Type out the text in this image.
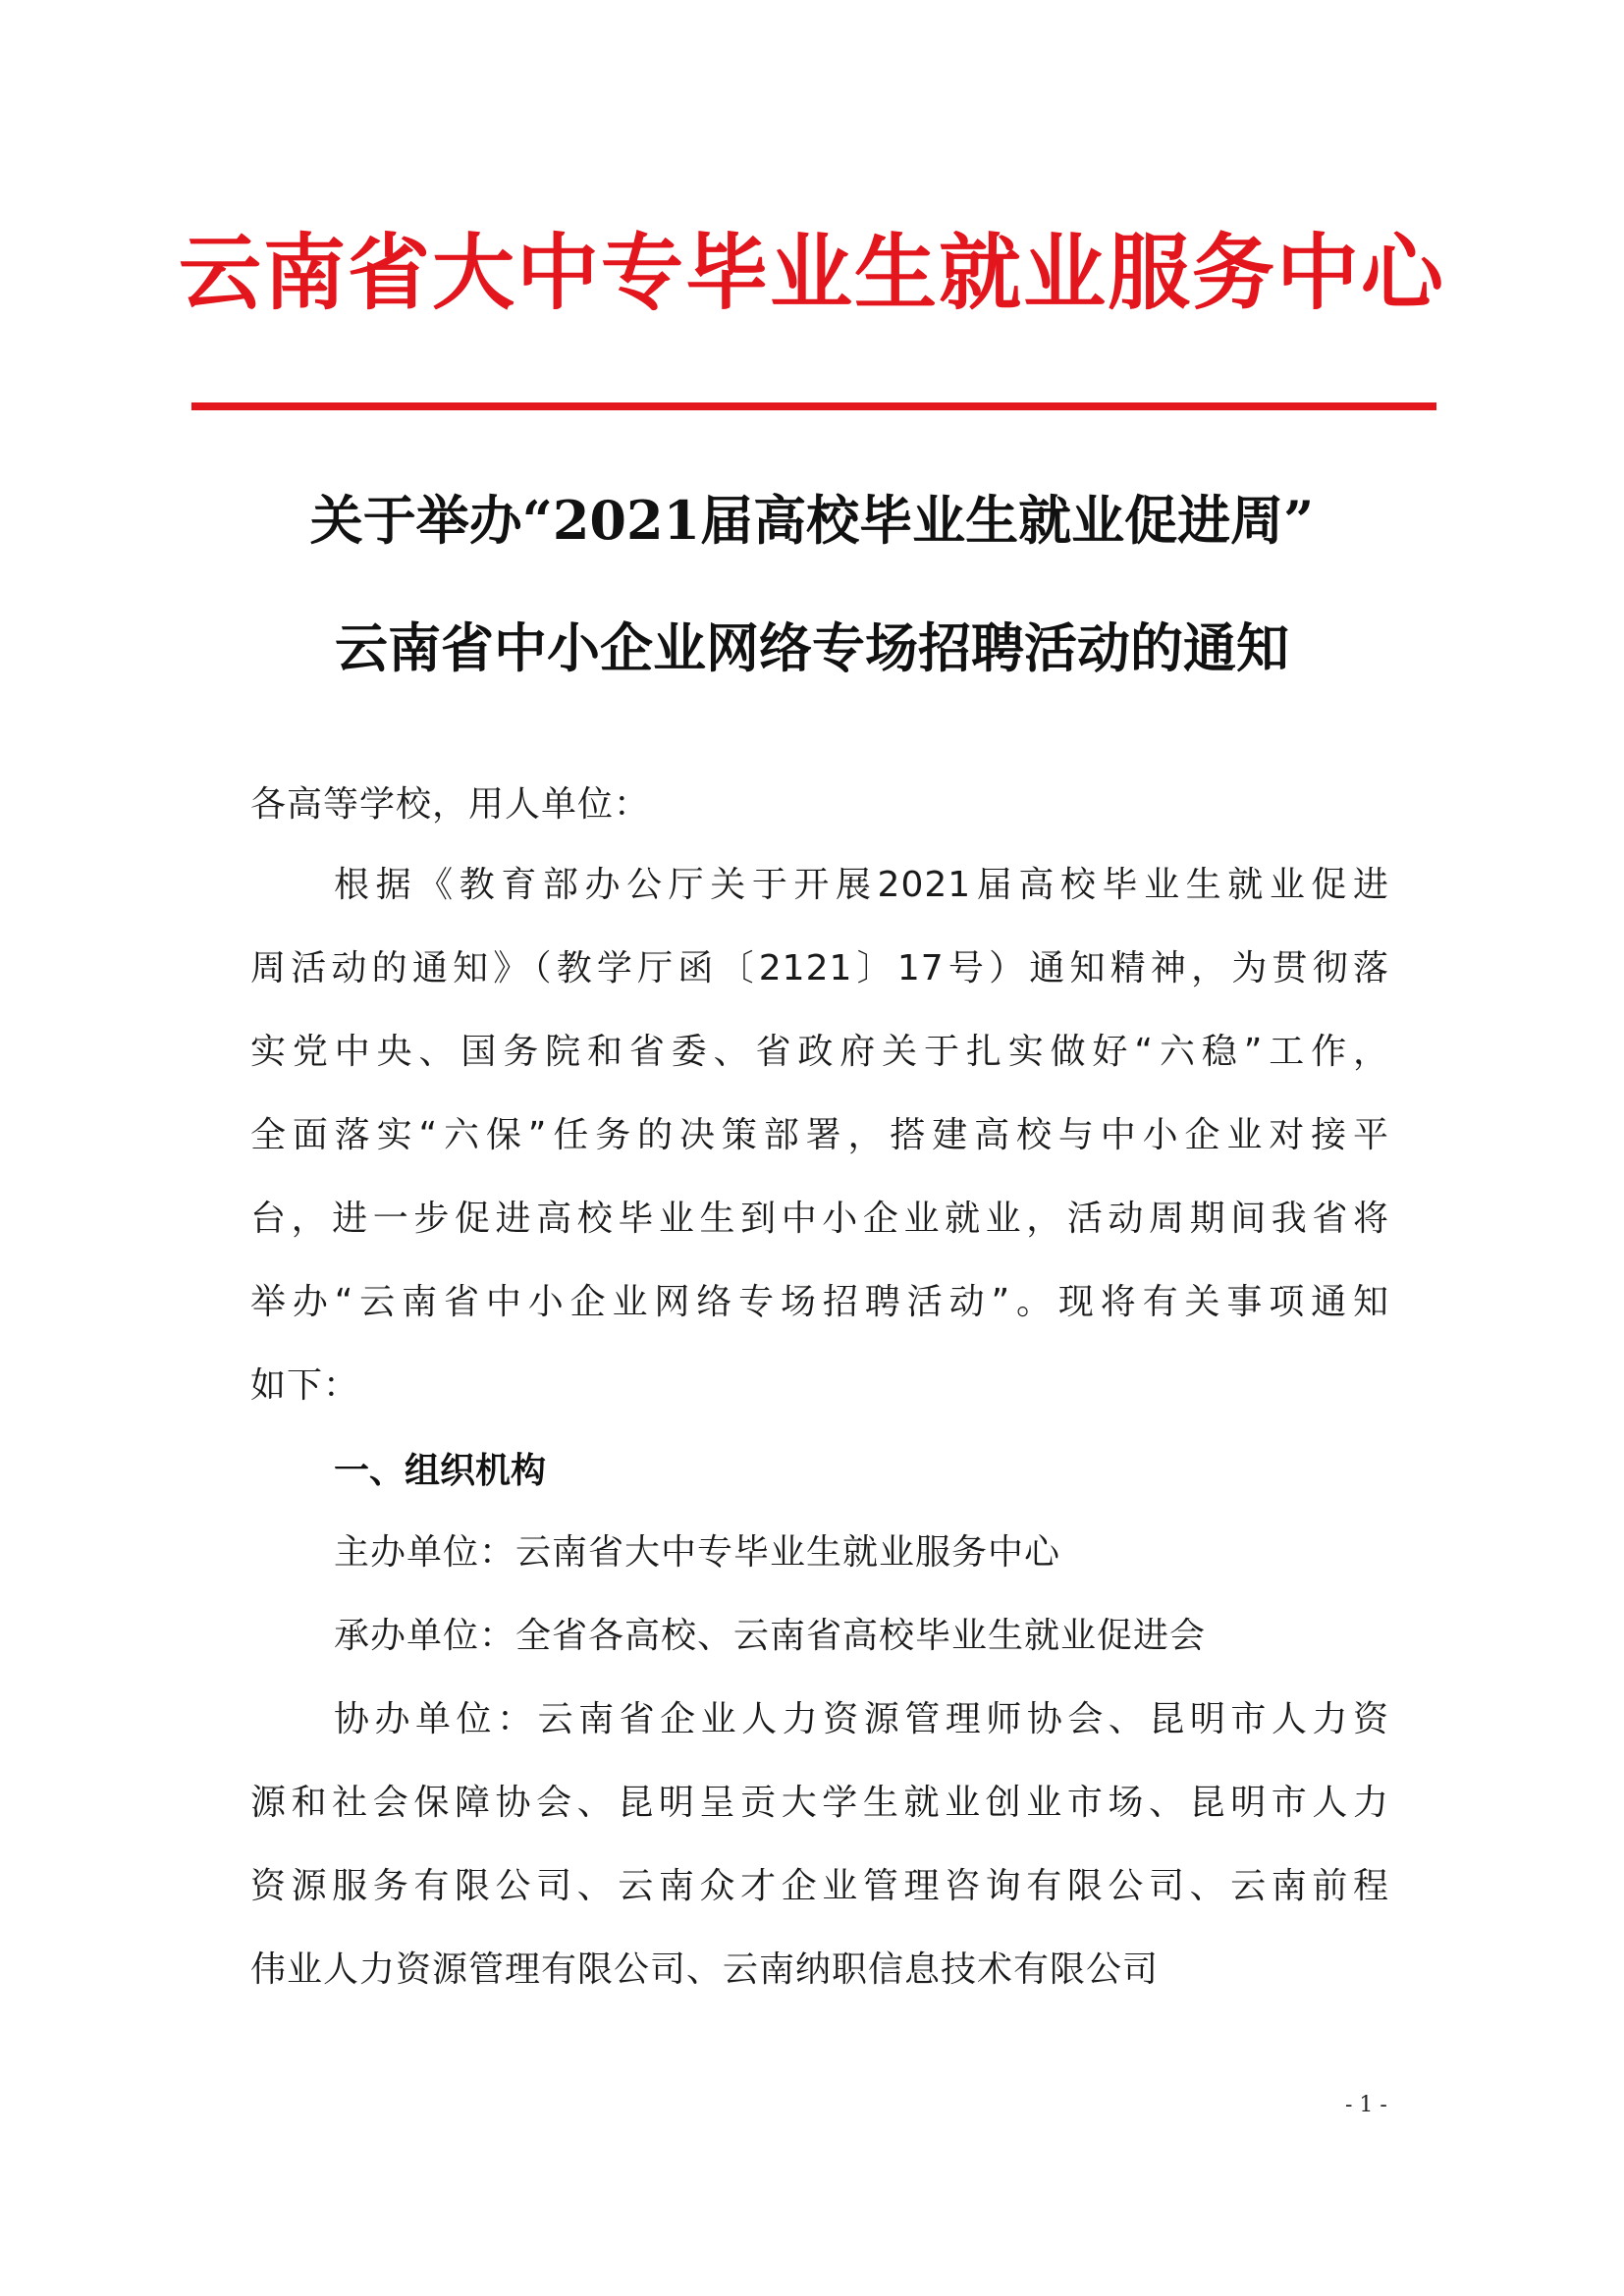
云南省大中专毕业生就业服务中心
关于举办“2021届高校毕业生就业促进周”
云南省中小企业网络专场招聘活动的通知
各高等学校，用人单位：
根据《教育部办公厅关于开展2021届高校毕业生就业促进
周活动的通知》（教学厅函〔2121〕17号）通知精神，为贯彻落
实党中央、国务院和省委、省政府关于扎实做好“六稳”工作，
全面落实“六保”任务的决策部署，搭建高校与中小企业对接平
台，进一步促进高校毕业生到中小企业就业，活动周期间我省将
举办“云南省中小企业网络专场招聘活动”。现将有关事项通知
如下：
一、组织机构
主办单位：云南省大中专毕业生就业服务中心
承办单位：全省各高校、云南省高校毕业生就业促进会
协办单位：云南省企业人力资源管理师协会、昆明市人力资
源和社会保障协会、昆明呈贡大学生就业创业市场、昆明市人力
资源服务有限公司、云南众才企业管理咨询有限公司、云南前程
伟业人力资源管理有限公司、云南纳职信息技术有限公司
- 1 -
